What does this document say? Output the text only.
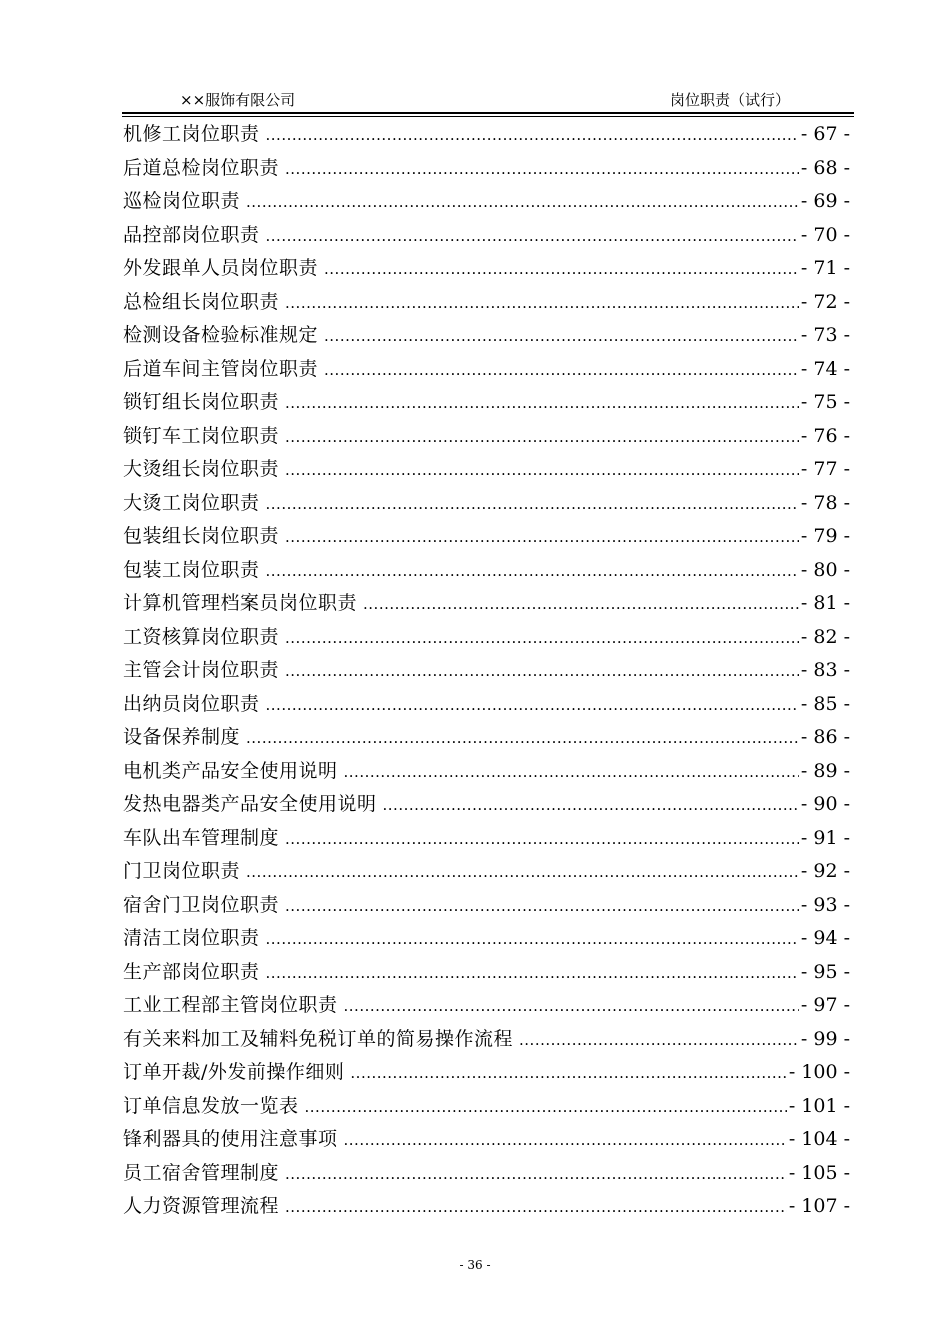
××服饰有限公司	岗位职责（试行）
机修工岗位职责 .....	- 67 -
后道总检岗位职责 .....	- 68 -
巡检岗位职责 .....	- 69 -
品控部岗位职责 .....	- 70 -
外发跟单人员岗位职责 .....	- 71 -
总检组长岗位职责 .....	- 72 -
检测设备检验标准规定 .....	- 73 -
后道车间主管岗位职责 .....	- 74 -
锁钉组长岗位职责 .....	- 75 -
锁钉车工岗位职责 .....	- 76 -
大烫组长岗位职责 .....	- 77 -
大烫工岗位职责 .....	- 78 -
包装组长岗位职责 .....	- 79 -
包装工岗位职责 .....	- 80 -
计算机管理档案员岗位职责 .....	- 81 -
工资核算岗位职责 .....	- 82 -
主管会计岗位职责 .....	- 83 -
出纳员岗位职责 .....	- 85 -
设备保养制度 .....	- 86 -
电机类产品安全使用说明 .....	- 89 -
发热电器类产品安全使用说明 .....	- 90 -
车队出车管理制度 .....	- 91 -
门卫岗位职责 .....	- 92 -
宿舍门卫岗位职责 .....	- 93 -
清洁工岗位职责 .....	- 94 -
生产部岗位职责 .....	- 95 -
工业工程部主管岗位职责 .....	- 97 -
有关来料加工及辅料免税订单的简易操作流程 .....	- 99 -
订单开裁/外发前操作细则 .....	- 100 -
订单信息发放一览表 .....	- 101 -
锋利器具的使用注意事项 .....	- 104 -
员工宿舍管理制度 .....	- 105 -
人力资源管理流程 .....	- 107 -
- 36 -
